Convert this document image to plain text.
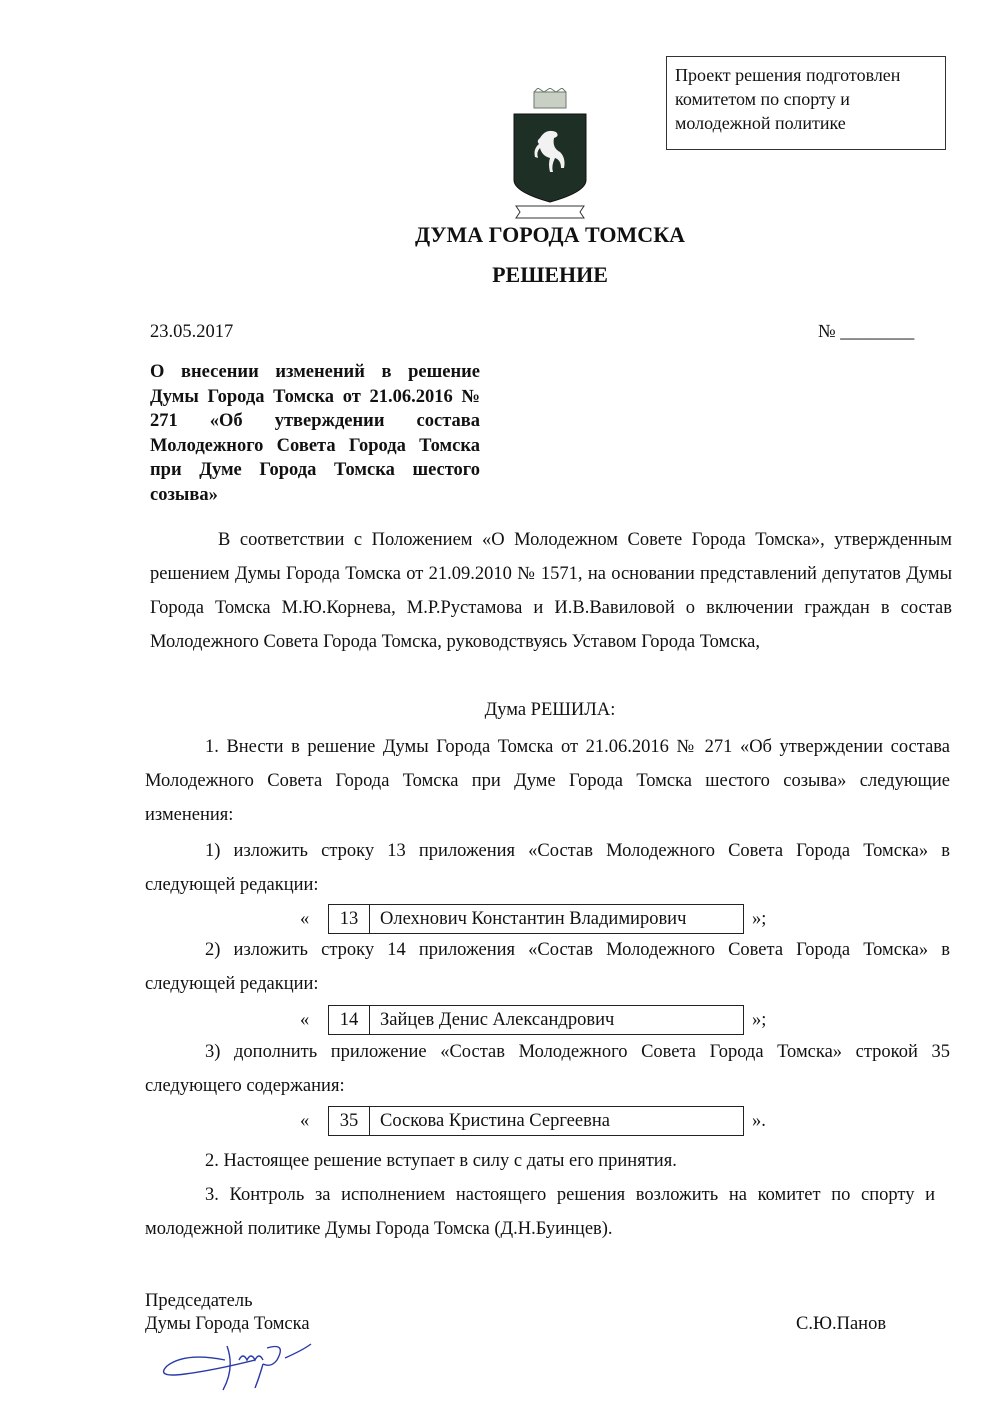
Проект решения подготовлен
комитетом по спорту и
молодежной политике
ДУМА ГОРОДА ТОМСКА
РЕШЕНИЕ
23.05.2017	№ ________
О внесении изменений в решение Думы Города Томска от 21.06.2016 № 271 «Об утверждении состава Молодежного Совета Города Томска при Думе Города Томска шестого созыва»
В соответствии с Положением «О Молодежном Совете Города Томска», утвержденным решением Думы Города Томска от 21.09.2010 № 1571, на основании представлений депутатов Думы Города Томска М.Ю.Корнева, М.Р.Рустамова и И.В.Вавиловой о включении граждан в состав Молодежного Совета Города Томска, руководствуясь Уставом Города Томска,
Дума РЕШИЛА:
1. Внести в решение Думы Города Томска от 21.06.2016 № 271 «Об утверждении состава Молодежного Совета Города Томска при Думе Города Томска шестого созыва» следующие изменения:
1) изложить строку 13 приложения «Состав Молодежного Совета Города Томска» в следующей редакции:
«	13	Олехнович Константин Владимирович	»;
2) изложить строку 14 приложения «Состав Молодежного Совета Города Томска» в следующей редакции:
«	14	Зайцев Денис Александрович	»;
3) дополнить приложение «Состав Молодежного Совета Города Томска» строкой 35 следующего содержания:
«	35	Соскова Кристина Сергеевна	».
2. Настоящее решение вступает в силу с даты его принятия.
3. Контроль за исполнением настоящего решения возложить на комитет по спорту и молодежной политике Думы Города Томска (Д.Н.Буинцев).
Председатель
Думы Города Томска	С.Ю.Панов
